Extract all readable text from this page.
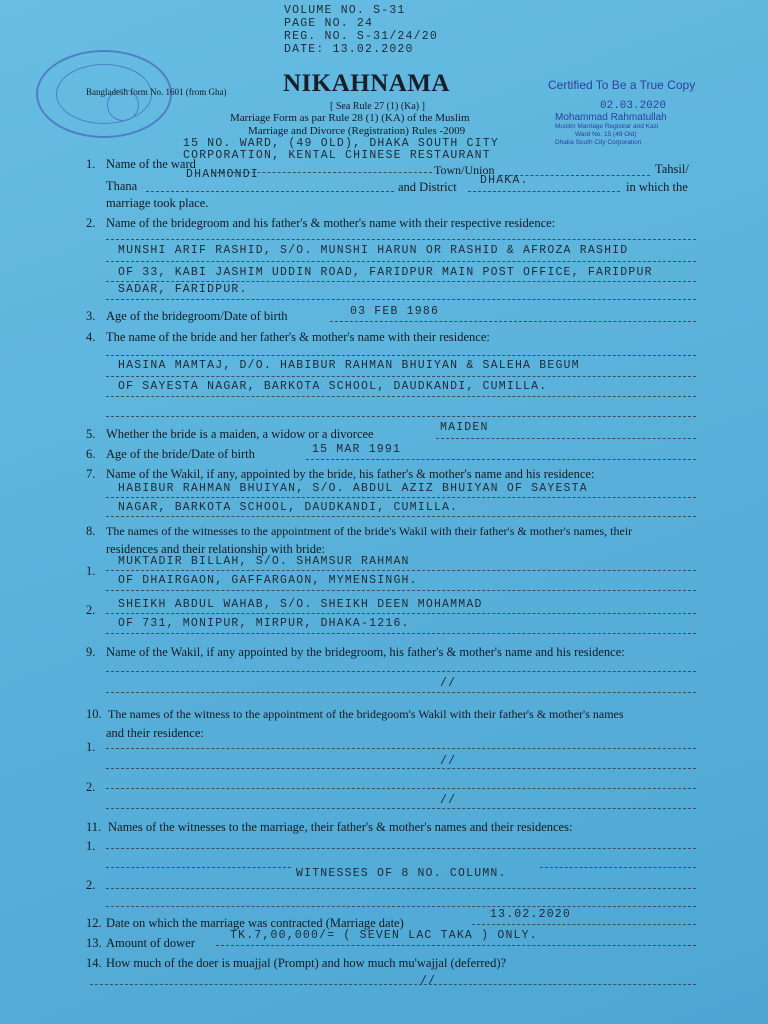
VOLUME NO. S-31
PAGE NO. 24
REG. NO. S-31/24/20
DATE: 13.02.2020
Bangladesh form No. 1601 (from Gha) NIKAHNAMA
[ Sea Rule 27 (1) (Ka) ]
Marriage Form as par Rule 28 (1) (KA) of the Muslim
Marriage and Divorce (Registration) Rules -2009
Certified To Be a True Copy
02.03.2020
Mohammad Rahmatullah
Muslim Marriage Registrar and Kazi
Ward No. 15 (49 Old)
Dhaka South City Corporation
1.
15 NO. WARD, (49 OLD), DHAKA SOUTH CITY
CORPORATION, KENTAL CHINESE RESTAURANT
Name of the ward	Town/Union	Tahsil/
DHANMONDI
Thana	and District DHAKA.	in which the
marriage took place.
2. Name of the bridegroom and his father's & mother's name with their respective residence:
MUNSHI ARIF RASHID, S/O. MUNSHI HARUN OR RASHID & AFROZA RASHID
OF 33, KABI JASHIM UDDIN ROAD, FARIDPUR MAIN POST OFFICE, FARIDPUR
SADAR, FARIDPUR.
3. Age of the bridegroom/Date of birth	03 FEB 1986
4. The name of the bride and her father's & mother's name with their residence:
HASINA MAMTAJ, D/O. HABIBUR RAHMAN BHUIYAN & SALEHA BEGUM
OF SAYESTA NAGAR, BARKOTA SCHOOL, DAUDKANDI, CUMILLA.
5. Whether the bride is a maiden, a widow or a divorcee	MAIDEN
6. Age of the bride/Date of birth	15 MAR 1991
7. Name of the Wakil, if any, appointed by the bride, his father's & mother's name and his residence:
HABIBUR RAHMAN BHUIYAN, S/O. ABDUL AZIZ BHUIYAN OF SAYESTA
NAGAR, BARKOTA SCHOOL, DAUDKANDI, CUMILLA.
8. The names of the witnesses to the appointment of the bride's Wakil with their father's & mother's names, their
residences and their relationship with bride:
MUKTADIR BILLAH, S/O. SHAMSUR RAHMAN
1.
OF DHAIRGAON, GAFFARGAON, MYMENSINGH.
SHEIKH ABDUL WAHAB, S/O. SHEIKH DEEN MOHAMMAD
2.
OF 731, MONIPUR, MIRPUR, DHAKA-1216.
9. Name of the Wakil, if any appointed by the bridegroom, his father's & mother's name and his residence:
//
10. The names of the witness to the appointment of the bridegoom's Wakil with their father's & mother's names
and their residence:
1.
//
2.
//
11. Names of the witnesses to the marriage, their father's & mother's names and their residences:
1.
WITNESSES OF 8 NO. COLUMN.
2.
12. Date on which the marriage was contracted (Marriage date)
13.02.2020
13. Amount of dower
TK.7,00,000/= ( SEVEN LAC TAKA ) ONLY.
14. How much of the doer is muajjal (Prompt) and how much mu'wajjal (deferred)?
//
